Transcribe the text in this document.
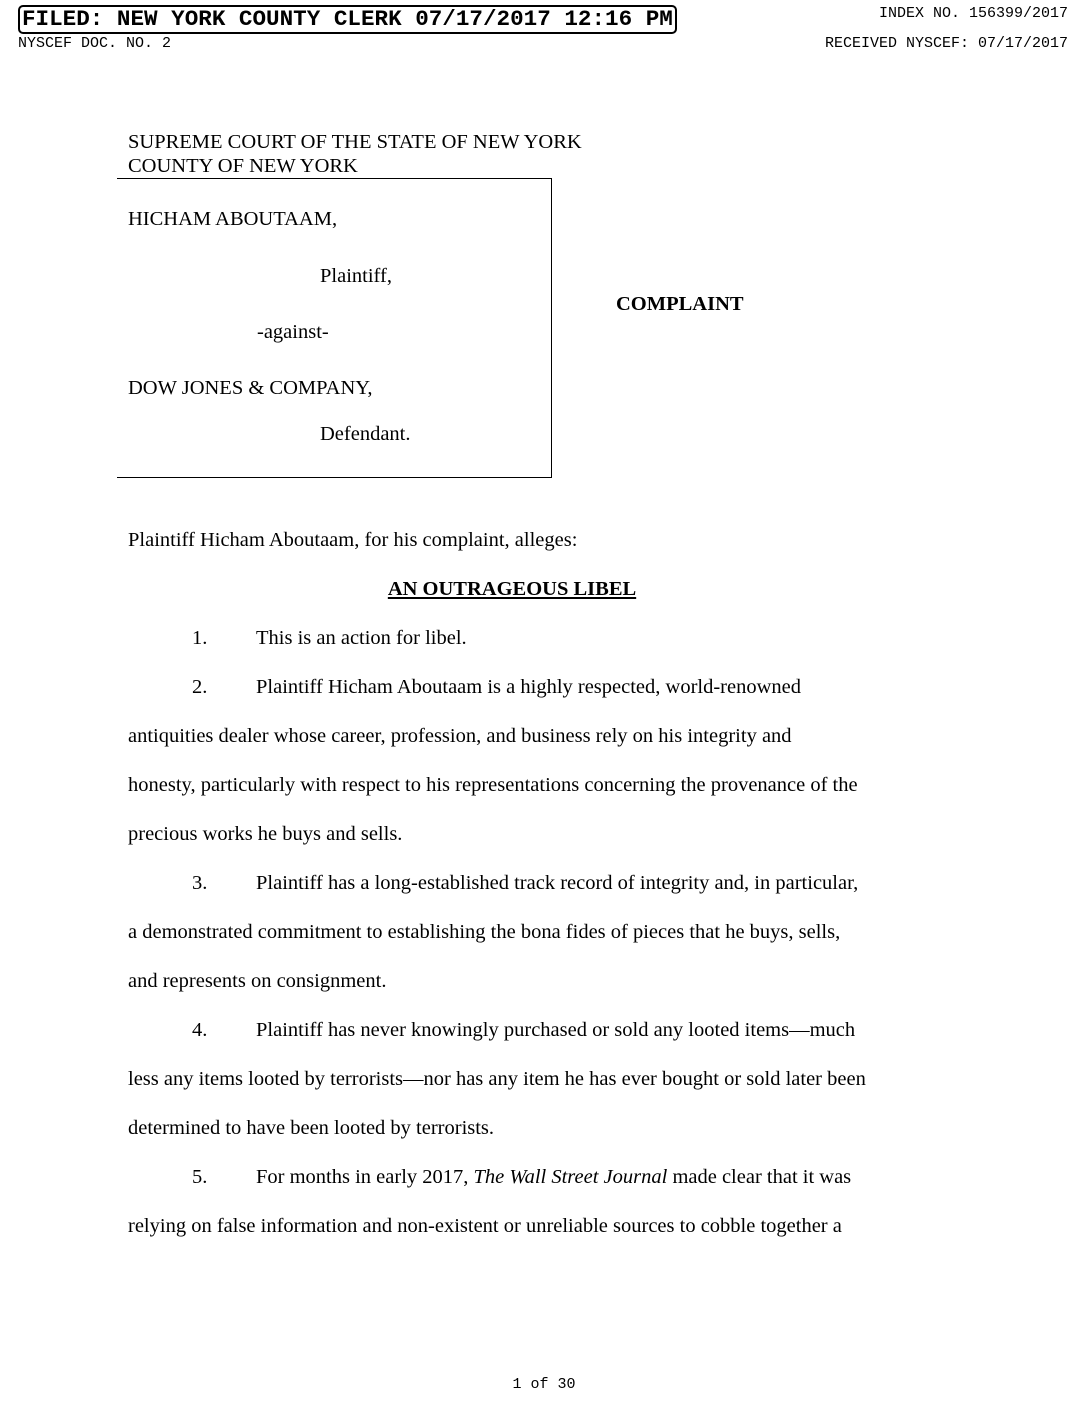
FILED: NEW YORK COUNTY CLERK 07/17/2017 12:16 PM	INDEX NO. 156399/2017
NYSCEF DOC. NO. 2	RECEIVED NYSCEF: 07/17/2017
SUPREME COURT OF THE STATE OF NEW YORK
COUNTY OF NEW YORK
HICHAM ABOUTAAM,
Plaintiff,
-against-
DOW JONES & COMPANY,
Defendant.
COMPLAINT
Plaintiff Hicham Aboutaam, for his complaint, alleges:
AN OUTRAGEOUS LIBEL
1. This is an action for libel.
2. Plaintiff Hicham Aboutaam is a highly respected, world-renowned
antiquities dealer whose career, profession, and business rely on his integrity and
honesty, particularly with respect to his representations concerning the provenance of the
precious works he buys and sells.
3. Plaintiff has a long-established track record of integrity and, in particular,
a demonstrated commitment to establishing the bona fides of pieces that he buys, sells,
and represents on consignment.
4. Plaintiff has never knowingly purchased or sold any looted items—much
less any items looted by terrorists—nor has any item he has ever bought or sold later been
determined to have been looted by terrorists.
5. For months in early 2017, The Wall Street Journal made clear that it was
relying on false information and non-existent or unreliable sources to cobble together a
1 of 30
